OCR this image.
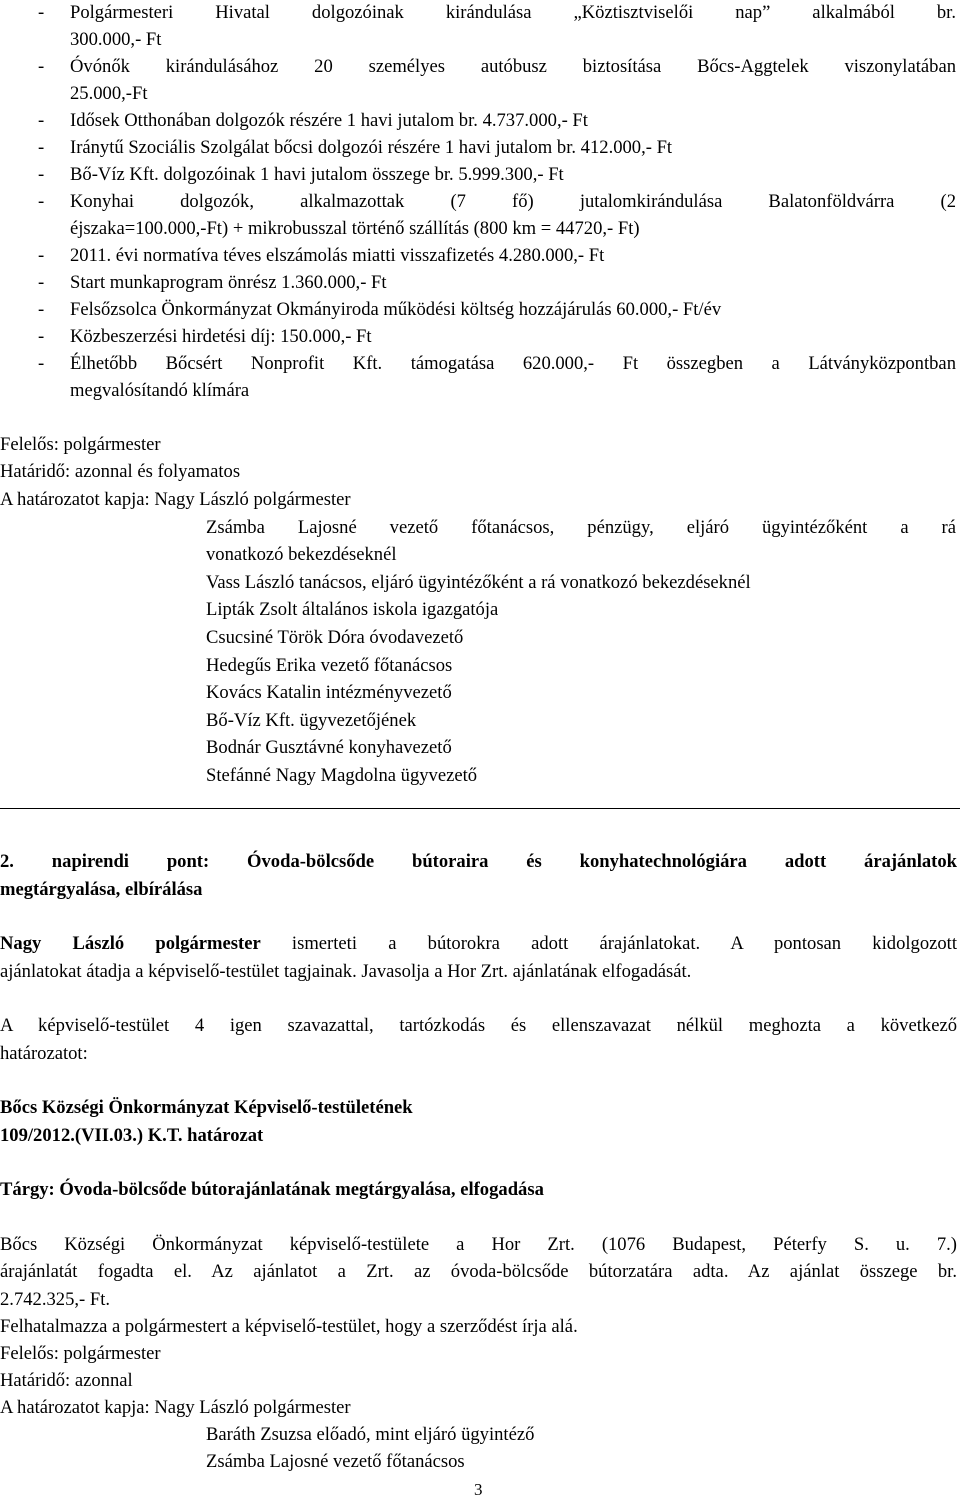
- Polgármesteri Hivatal dolgozóinak kirándulása „Köztisztviselői nap” alkalmából br.
300.000,- Ft
- Óvónők kirándulásához 20 személyes autóbusz biztosítása Bőcs-Aggtelek viszonylatában
25.000,-Ft
- Idősek Otthonában dolgozók részére 1 havi jutalom br. 4.737.000,- Ft
- Iránytű Szociális Szolgálat bőcsi dolgozói részére 1 havi jutalom br. 412.000,- Ft
- Bő-Víz Kft. dolgozóinak 1 havi jutalom összege br. 5.999.300,- Ft
- Konyhai dolgozók, alkalmazottak (7 fő) jutalomkirándulása Balatonföldvárra (2
éjszaka=100.000,-Ft) + mikrobusszal történő szállítás (800 km = 44720,- Ft)
- 2011. évi normatíva téves elszámolás miatti visszafizetés 4.280.000,- Ft
- Start munkaprogram önrész 1.360.000,- Ft
- Felsőzsolca Önkormányzat Okmányiroda működési költség hozzájárulás 60.000,- Ft/év
- Közbeszerzési hirdetési díj: 150.000,- Ft
- Élhetőbb Bőcsért Nonprofit Kft. támogatása 620.000,- Ft összegben a Látványközpontban
megvalósítandó klímára
Felelős: polgármester
Határidő: azonnal és folyamatos
A határozatot kapja: Nagy László polgármester
Zsámba Lajosné vezető főtanácsos, pénzügy, eljáró ügyintézőként a rá
vonatkozó bekezdéseknél
Vass László tanácsos, eljáró ügyintézőként a rá vonatkozó bekezdéseknél
Lipták Zsolt általános iskola igazgatója
Csucsiné Török Dóra óvodavezető
Hedegűs Erika vezető főtanácsos
Kovács Katalin intézményvezető
Bő-Víz Kft. ügyvezetőjének
Bodnár Gusztávné konyhavezető
Stefánné Nagy Magdolna ügyvezető
2. napirendi pont: Óvoda-bölcsőde bútoraira és konyhatechnológiára adott árajánlatok
megtárgyalása, elbírálása
Nagy László polgármester ismerteti a bútorokra adott árajánlatokat. A pontosan kidolgozott
ajánlatokat átadja a képviselő-testület tagjainak. Javasolja a Hor Zrt. ajánlatának elfogadását.
A képviselő-testület 4 igen szavazattal, tartózkodás és ellenszavazat nélkül meghozta a következő
határozatot:
Bőcs Községi Önkormányzat Képviselő-testületének
109/2012.(VII.03.) K.T. határozat
Tárgy: Óvoda-bölcsőde bútorajánlatának megtárgyalása, elfogadása
Bőcs Községi Önkormányzat képviselő-testülete a Hor Zrt. (1076 Budapest, Péterfy S. u. 7.)
árajánlatát fogadta el. Az ajánlatot a Zrt. az óvoda-bölcsőde bútorzatára adta. Az ajánlat összege br.
2.742.325,- Ft.
Felhatalmazza a polgármestert a képviselő-testület, hogy a szerződést írja alá.
Felelős: polgármester
Határidő: azonnal
A határozatot kapja: Nagy László polgármester
Baráth Zsuzsa előadó, mint eljáró ügyintéző
Zsámba Lajosné vezető főtanácsos
3
